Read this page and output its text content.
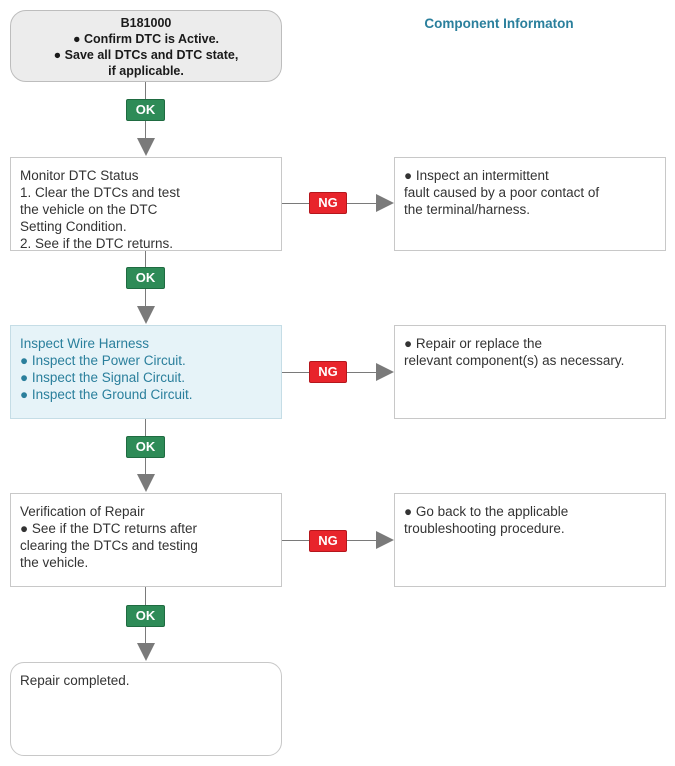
B181000
● Confirm DTC is Active.
● Save all DTCs and DTC state,
if applicable.
Component Informaton
OK
Monitor DTC Status
1. Clear the DTCs and test
the vehicle on the DTC
Setting Condition.
2. See if the DTC returns.
NG
● Inspect an intermittent
fault caused by a poor contact of
the terminal/harness.
OK
Inspect Wire Harness
● Inspect the Power Circuit.
● Inspect the Signal Circuit.
● Inspect the Ground Circuit.
NG
● Repair or replace the
relevant component(s) as necessary.
OK
Verification of Repair
● See if the DTC returns after
clearing the DTCs and testing
the vehicle.
NG
● Go back to the applicable
troubleshooting procedure.
OK
Repair completed.
